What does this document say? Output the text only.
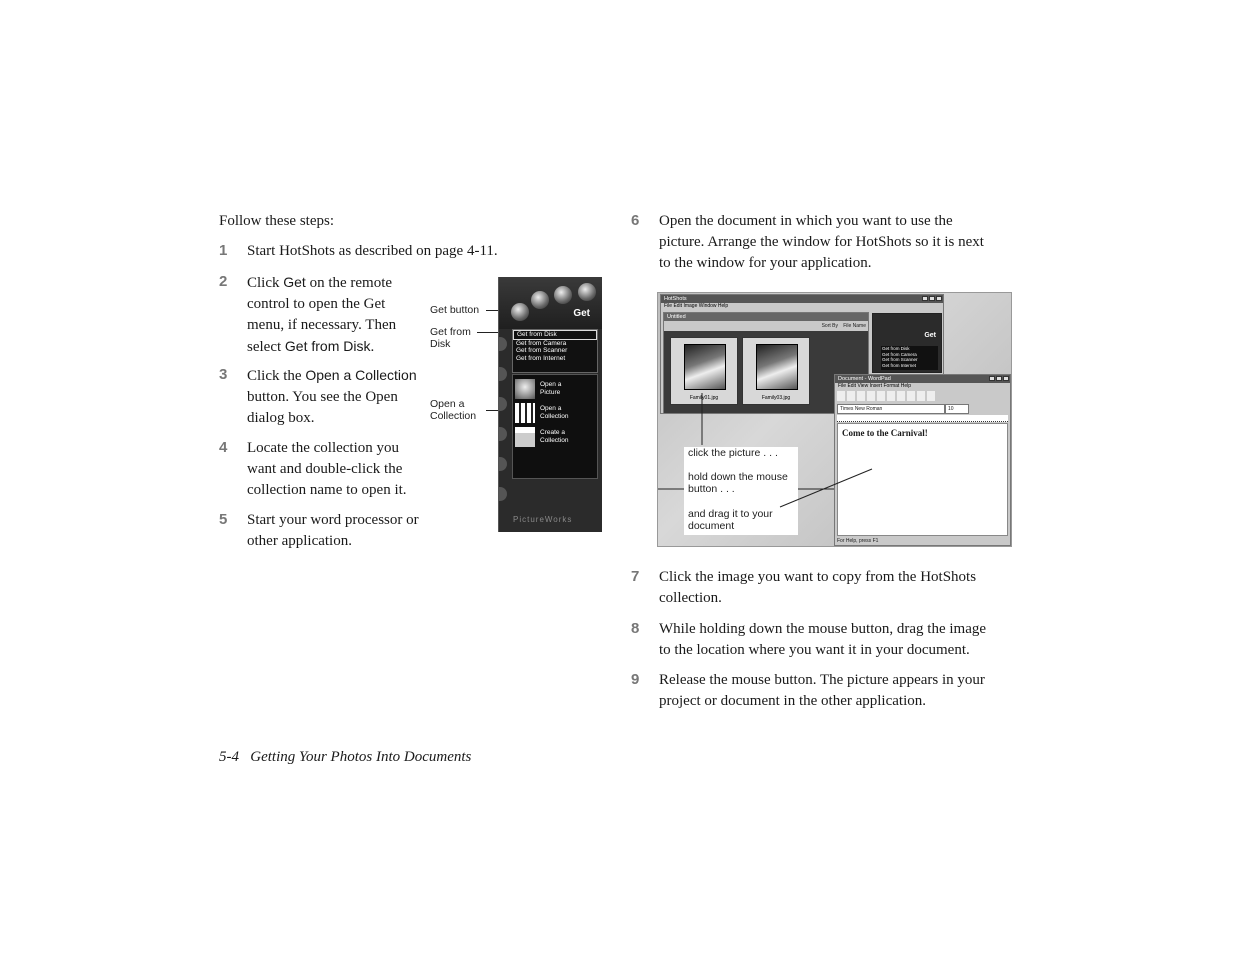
Follow these steps:
1 Start HotShots as described on page 4-11.
2 Click Get on the remote control to open the Get menu, if necessary. Then select Get from Disk.
3 Click the Open a Collection button. You see the Open dialog box.
4 Locate the collection you want and double-click the collection name to open it.
5 Start your word processor or other application.
Get button
Get from
Disk
Open a
Collection
Get
Get from Disk
Get from Camera
Get from Scanner
Get from Internet
Open a
Picture
Open a
Collection
Create a
Collection
PictureWorks
6 Open the document in which you want to use the
picture. Arrange the window for HotShots so it is next
to the window for your application.
HotShots
File Edit Image Window Help
Untitled
Sort By File Name
Family01.jpg	Family03.jpg
Get
Get from Disk
Get from Camera
Get from Scanner
Get from Internet
Document - WordPad
File Edit View Insert Format Help
Times New Roman	10
Come to the Carnival!
For Help, press F1
click the picture . . .
hold down the mouse
button . . .
and drag it to your
document
7 Click the image you want to copy from the HotShots
collection.
8 While holding down the mouse button, drag the image
to the location where you want it in your document.
9 Release the mouse button. The picture appears in your
project or document in the other application.
5-4 Getting Your Photos Into Documents
